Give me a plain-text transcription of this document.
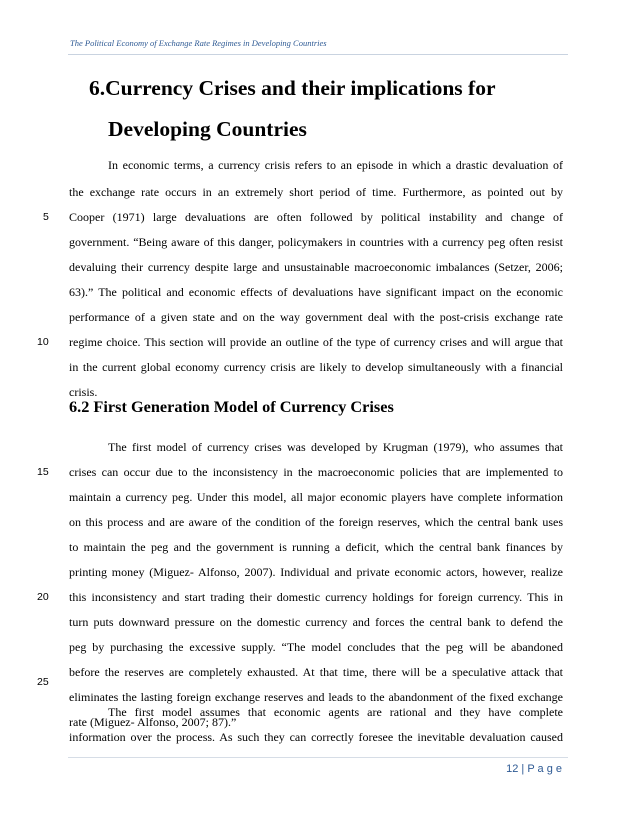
The Political Economy of Exchange Rate Regimes in Developing Countries
6.Currency Crises and their implications for
Developing Countries
In economic terms, a currency crisis refers to an episode in which a drastic devaluation of
the exchange rate occurs in an extremely short period of time. Furthermore, as pointed out by
Cooper (1971) large devaluations are often followed by political instability and change of
government. “Being aware of this danger, policymakers in countries with a currency peg often resist
devaluing their currency despite large and unsustainable macroeconomic imbalances (Setzer, 2006;
63).” The political and economic effects of devaluations have significant impact on the economic
performance of a given state and on the way government deal with the post-crisis exchange rate
regime choice. This section will provide an outline of the type of currency crises and will argue that
in the current global economy currency crisis are likely to develop simultaneously with a financial
crisis.
6.2 First Generation Model of Currency Crises
The first model of currency crises was developed by Krugman (1979), who assumes that
crises can occur due to the inconsistency in the macroeconomic policies that are implemented to
maintain a currency peg. Under this model, all major economic players have complete information
on this process and are aware of the condition of the foreign reserves, which the central bank uses
to maintain the peg and the government is running a deficit, which the central bank finances by
printing money (Miguez- Alfonso, 2007). Individual and private economic actors, however, realize
this inconsistency and start trading their domestic currency holdings for foreign currency. This in
turn puts downward pressure on the domestic currency and forces the central bank to defend the
peg by purchasing the excessive supply. “The model concludes that the peg will be abandoned
before the reserves are completely exhausted. At that time, there will be a speculative attack that
eliminates the lasting foreign exchange reserves and leads to the abandonment of the fixed exchange
rate (Miguez- Alfonso, 2007; 87).”
The first model assumes that economic agents are rational and they have complete
information over the process. As such they can correctly foresee the inevitable devaluation caused
5
10
15
20
25
12 | P a g e
